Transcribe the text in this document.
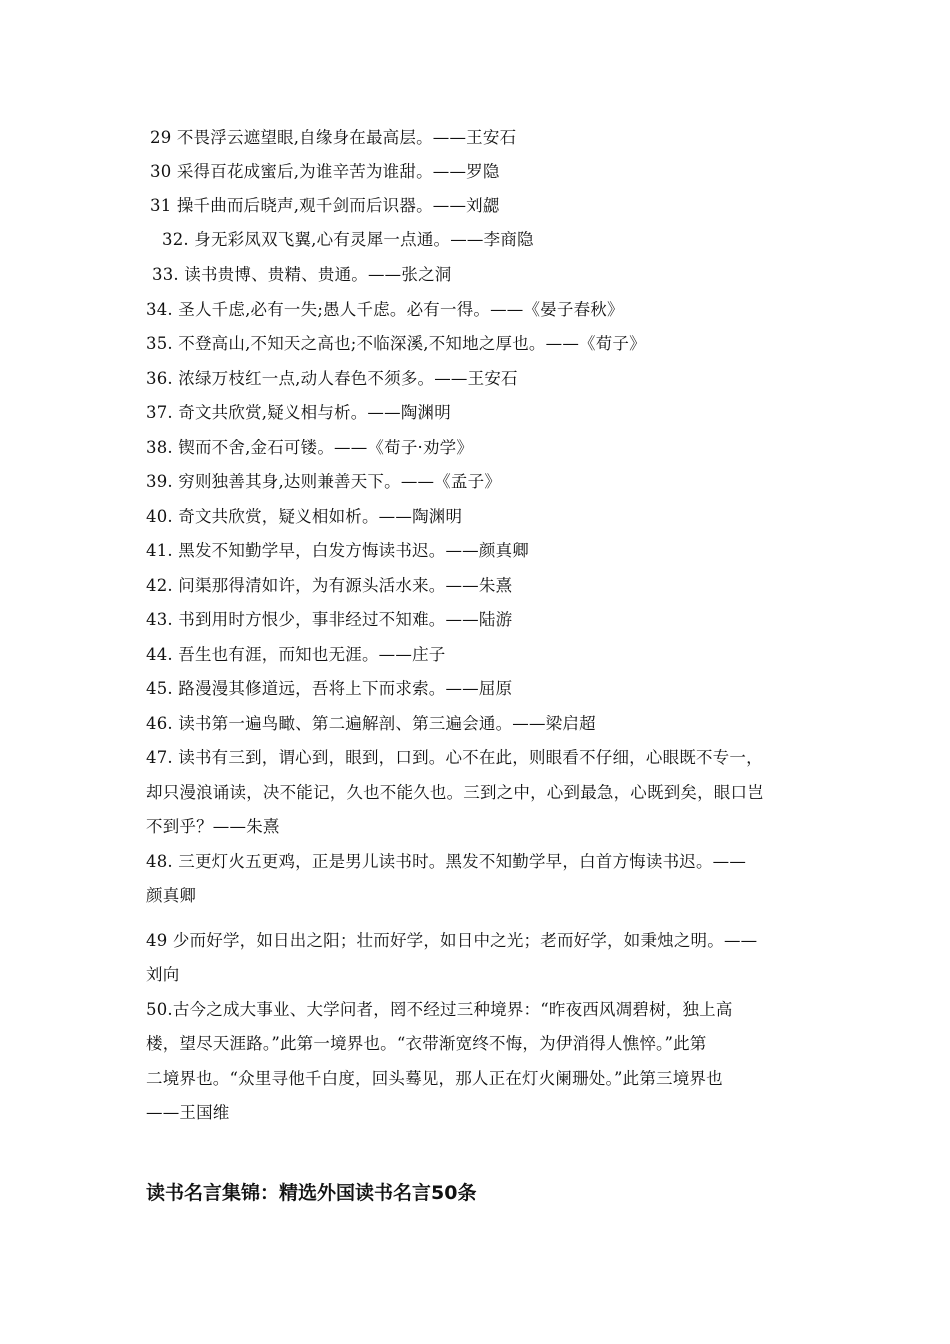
29 不畏浮云遮望眼,自缘身在最高层。——王安石
30 采得百花成蜜后,为谁辛苦为谁甜。——罗隐
31 操千曲而后晓声,观千剑而后识器。——刘勰
32. 身无彩凤双飞翼,心有灵犀一点通。——李商隐
33. 读书贵博、贵精、贵通。——张之洞
34. 圣人千虑,必有一失;愚人千虑。必有一得。——《晏子春秋》
35. 不登高山,不知天之高也;不临深溪,不知地之厚也。——《荀子》
36. 浓绿万枝红一点,动人春色不须多。——王安石
37. 奇文共欣赏,疑义相与析。——陶渊明
38. 锲而不舍,金石可镂。——《荀子·劝学》
39. 穷则独善其身,达则兼善天下。——《孟子》
40. 奇文共欣赏，疑义相如析。——陶渊明
41. 黑发不知勤学早，白发方悔读书迟。——颜真卿
42. 问渠那得清如许，为有源头活水来。——朱熹
43. 书到用时方恨少，事非经过不知难。——陆游
44. 吾生也有涯，而知也无涯。——庄子
45. 路漫漫其修道远，吾将上下而求索。——屈原
46. 读书第一遍鸟瞰、第二遍解剖、第三遍会通。——梁启超
47. 读书有三到，谓心到，眼到，口到。心不在此，则眼看不仔细，心眼既不专一，
却只漫浪诵读，决不能记，久也不能久也。三到之中，心到最急，心既到矣，眼口岂
不到乎？——朱熹
48. 三更灯火五更鸡，正是男儿读书时。黑发不知勤学早，白首方悔读书迟。——
颜真卿
49 少而好学，如日出之阳；壮而好学，如日中之光；老而好学，如秉烛之明。——
刘向
50.古今之成大事业、大学问者，罔不经过三种境界：“昨夜西风凋碧树，独上高
楼，望尽天涯路。”此第一境界也。“衣带渐宽终不悔，为伊消得人憔悴。”此第
二境界也。“众里寻他千白度，回头蓦见，那人正在灯火阑珊处。”此第三境界也
——王国维
读书名言集锦：精选外国读书名言50条
